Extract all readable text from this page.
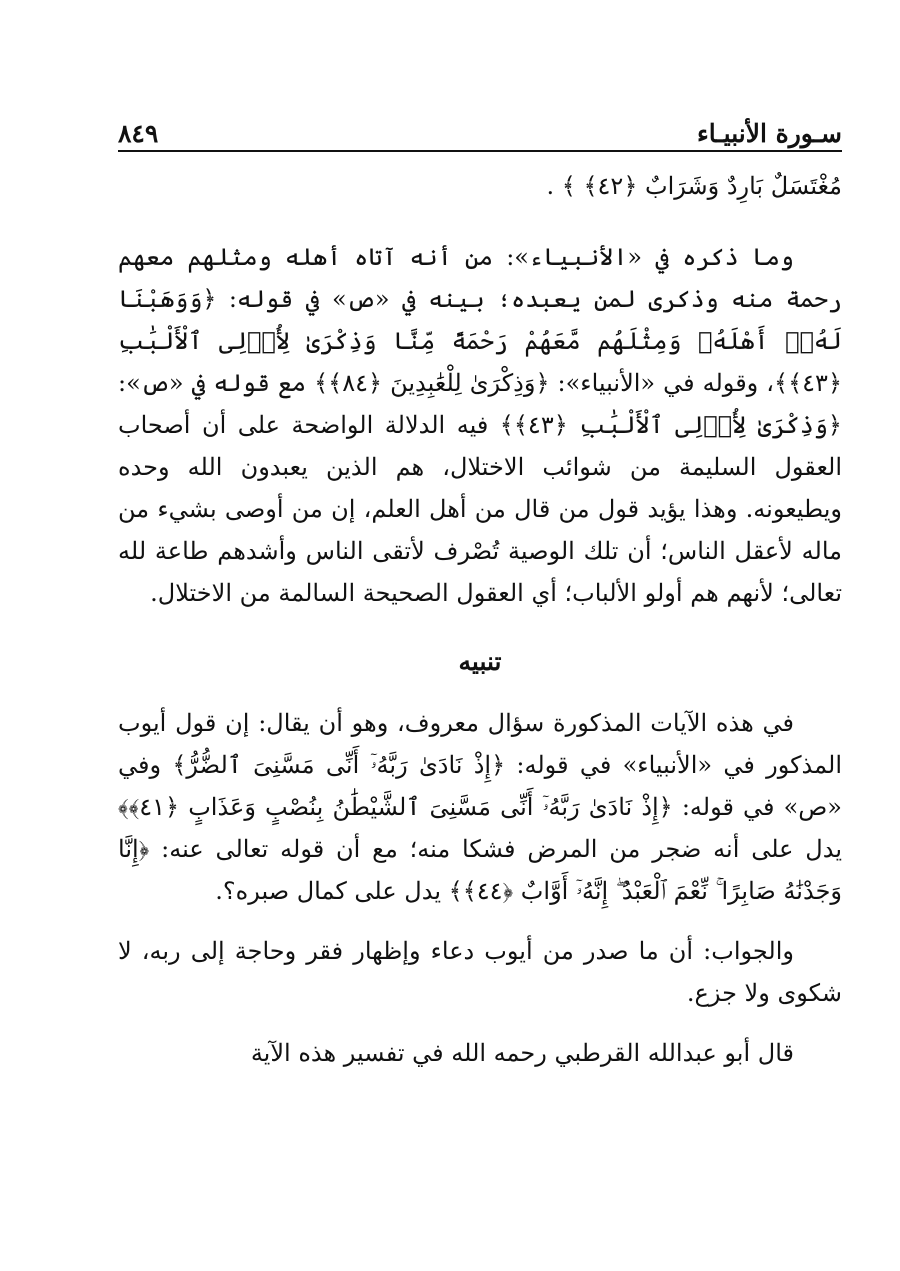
سـورة الأنبيـاء
٨٤٩
مُغْتَسَلٌ بَارِدٌ وَشَرَابٌ ﴿٤٢﴾ ﴾ .

وما ذكره في «الأنبياء»: من أنه آتاه أهله ومثلهم معهم رحمة منه وذكرى لمن يعبده؛ بينه في «ص» في قوله: ﴿وَوَهَبْنَا لَهُۥٓ أَهْلَهُۥ وَمِثْلَهُم مَّعَهُمْ رَحْمَةً مِّنَّا وَذِكْرَىٰ لِأُو۟لِى ٱلْأَلْبَٰبِ ﴿٤٣﴾﴾، وقوله في «الأنبياء»: ﴿وَذِكْرَىٰ لِلْعَٰبِدِينَ ﴿٨٤﴾﴾ مع قوله في «ص»: ﴿وَذِكْرَىٰ لِأُو۟لِى ٱلْأَلْبَٰبِ ﴿٤٣﴾﴾ فيه الدلالة الواضحة على أن أصحاب العقول السليمة من شوائب الاختلال، هم الذين يعبدون الله وحده ويطيعونه. وهذا يؤيد قول من قال من أهل العلم، إن من أوصى بشيء من ماله لأعقل الناس؛ أن تلك الوصية تُصْرف لأتقى الناس وأشدهم طاعة لله تعالى؛ لأنهم هم أولو الألباب؛ أي العقول الصحيحة السالمة من الاختلال.

تنبيه

في هذه الآيات المذكورة سؤال معروف، وهو أن يقال: إن قول أيوب المذكور في «الأنبياء» في قوله: ﴿إِذْ نَادَىٰ رَبَّهُۥٓ أَنِّى مَسَّنِىَ ٱلضُّرُّ﴾ وفي «ص» في قوله: ﴿إِذْ نَادَىٰ رَبَّهُۥٓ أَنِّى مَسَّنِىَ ٱلشَّيْطَٰنُ بِنُصْبٍ وَعَذَابٍ ﴿٤١﴾﴾ يدل على أنه ضجر من المرض فشكا منه؛ مع أن قوله تعالى عنه: ﴿إِنَّا وَجَدْنَٰهُ صَابِرًا ۚ نِّعْمَ ٱلْعَبْدُ ۖ إِنَّهُۥٓ أَوَّابٌ ﴿٤٤﴾﴾ يدل على كمال صبره؟.

والجواب: أن ما صدر من أيوب دعاء وإظهار فقر وحاجة إلى ربه، لا شكوى ولا جزع.

قال أبو عبدالله القرطبي رحمه الله في تفسير هذه الآية
